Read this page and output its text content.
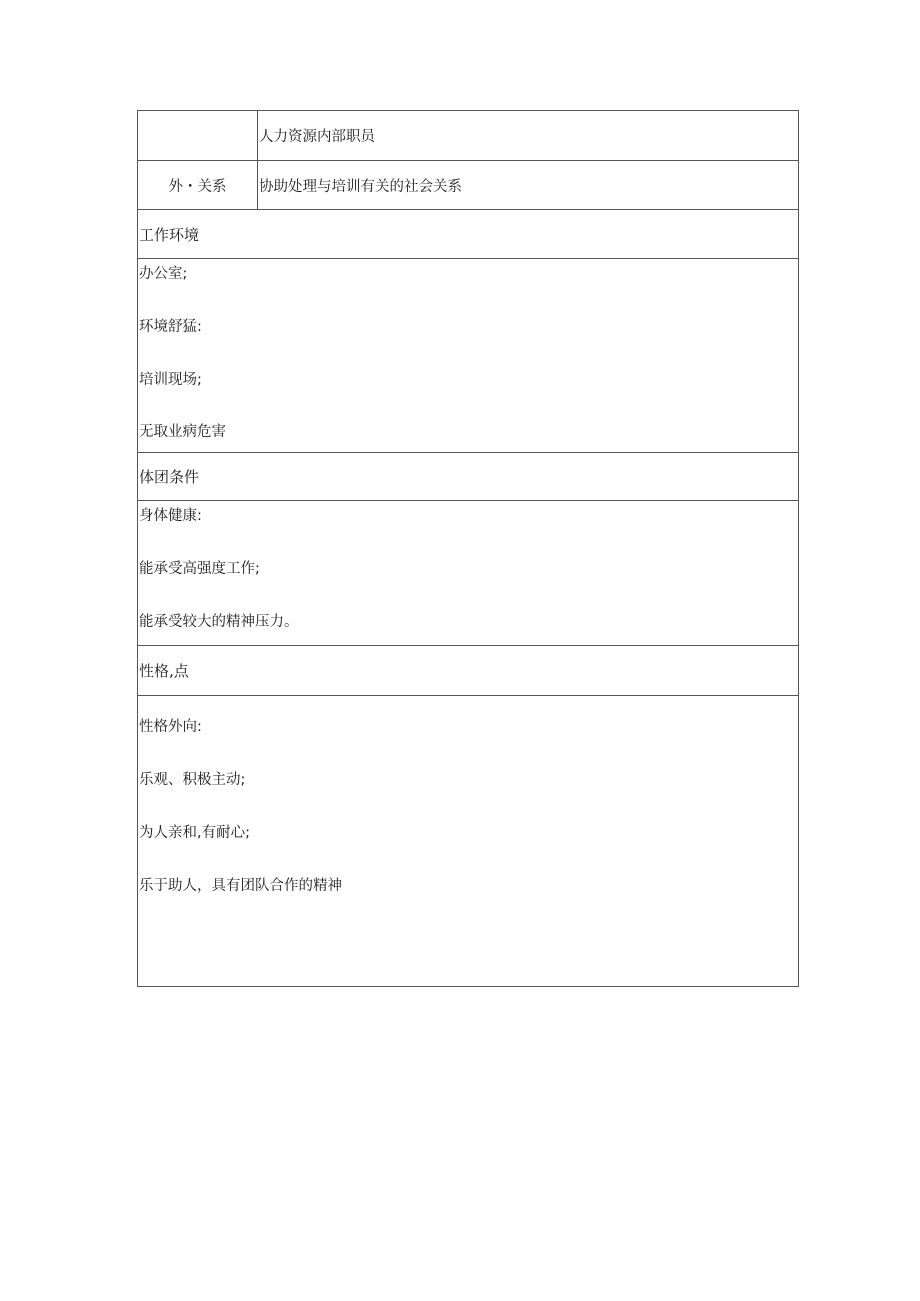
人力资源内部职员
外・关系	协助处理与培训有关的社会关系
工作环境
办公室;
环境舒猛:
培训现场;
无取业病危害
体团条件
身体健康:
能承受高强度工作;
能承受较大的精神压力。
性格,点
性格外向:
乐观、积极主动;
为人亲和,有耐心;
乐于助人，具有团队合作的精神
